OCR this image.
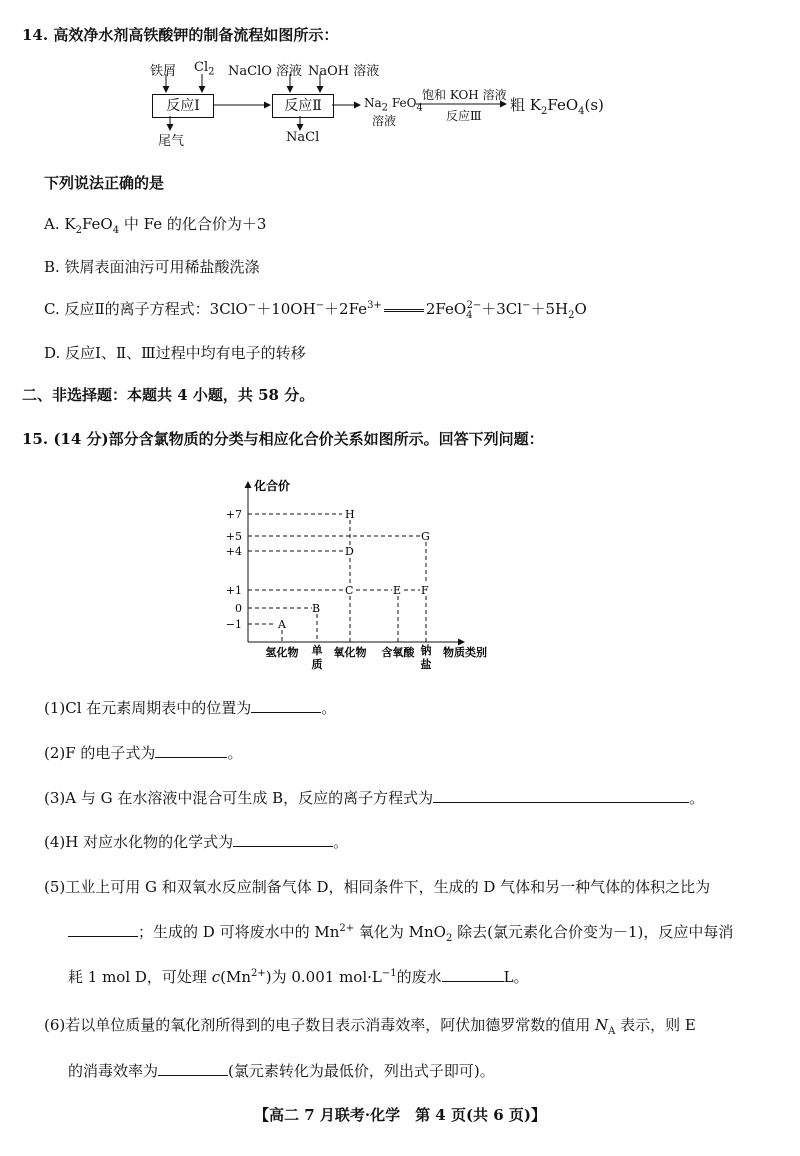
14. 高效净水剂高铁酸钾的制备流程如图所示：
铁屑 $Cl_2$ NaClO 溶液 NaOH 溶液
反应Ⅰ	反应Ⅱ
尾气	NaCl
$Na_2$ FeO$_4$
溶液
饱和 KOH 溶液
反应Ⅲ
粗 $K_2FeO_4(s)$
下列说法正确的是
A. $K_2FeO_4$ 中 Fe 的化合价为＋3
B. 铁屑表面油污可用稀盐酸洗涤
C. 反应Ⅱ的离子方程式：$3ClO^-+10OH^-+2Fe^{3+}$	$2FeO_4^{2-}+3Cl^-+5H_2O$
D. 反应Ⅰ、Ⅱ、Ⅲ过程中均有电子的转移
二、非选择题：本题共 4 小题，共 58 分。
15. (14 分)部分含氯物质的分类与相应化合价关系如图所示。回答下列问题：
化合价
+7
+5
+4
+1
0
−1	A
B
C
D
E F
G
H
氢化物 单
质
氧化物 含氧酸 钠
盐
物质类别
(1)Cl 在元素周期表中的位置为	。
(2)F 的电子式为	。
(3)A 与 G 在水溶液中混合可生成 B，反应的离子方程式为	。
(4)H 对应水化物的化学式为	。
(5)工业上可用 G 和双氧水反应制备气体 D，相同条件下，生成的 D 气体和另一种气体的体积之比为
；生成的 D 可将废水中的 $Mn^{2+}$ 氧化为 MnO$_2$ 除去(氯元素化合价变为－1)，反应中每消
耗 1 mol D，可处理 $c(Mn^{2+})$为 0.001 $mol\cdot L^{-1}$的废水	L。
(6)若以单位质量的氧化剂所得到的电子数目表示消毒效率，阿伏加德罗常数的值用 $N_A$ 表示，则 E
的消毒效率为	(氯元素转化为最低价，列出式子即可)。
【高二 7 月联考·化学　第 4 页(共 6 页)】
